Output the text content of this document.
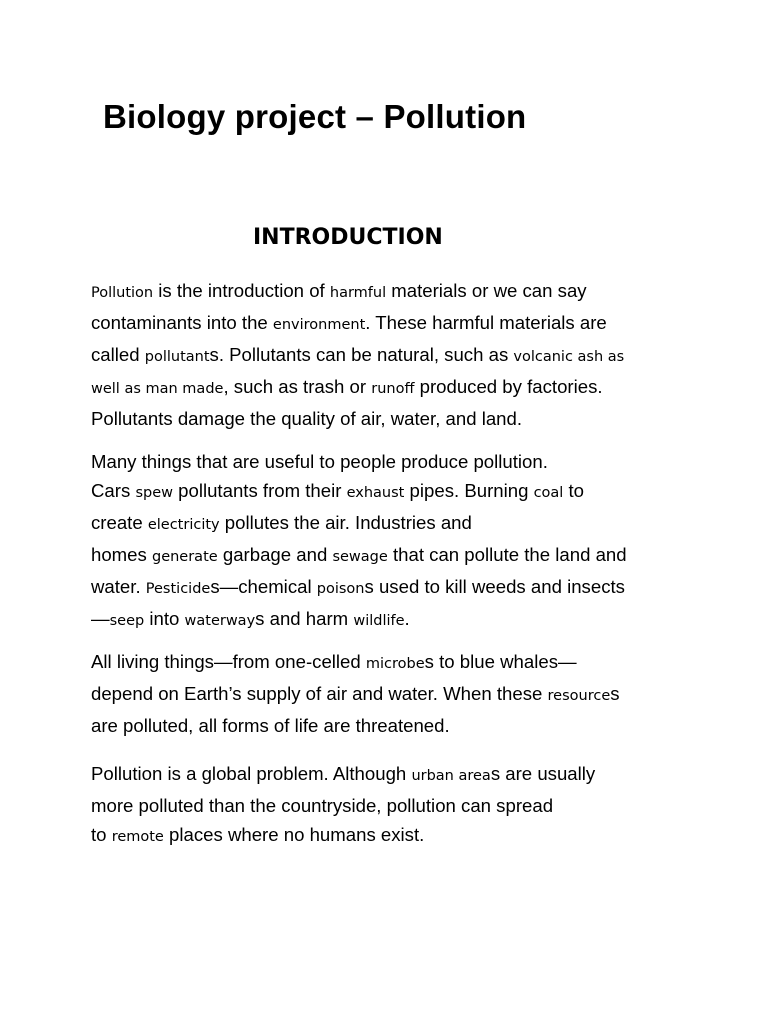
Biology project – Pollution
INTRODUCTION
Pollution is the introduction of harmful materials or we can say
contaminants into the environment. These harmful materials are
called pollutants. Pollutants can be natural, such as volcanic ash as
well as man made, such as trash or runoff produced by factories.
Pollutants damage the quality of air, water, and land.
Many things that are useful to people produce pollution.
Cars spew pollutants from their exhaust pipes. Burning coal to
create electricity pollutes the air. Industries and
homes generate garbage and sewage that can pollute the land and
water. Pesticides—chemical poisons used to kill weeds and insects
—seep into waterways and harm wildlife.
All living things—from one-celled microbes to blue whales—
depend on Earth’s supply of air and water. When these resources
are polluted, all forms of life are threatened.
Pollution is a global problem. Although urban areas are usually
more polluted than the countryside, pollution can spread
to remote places where no humans exist.
